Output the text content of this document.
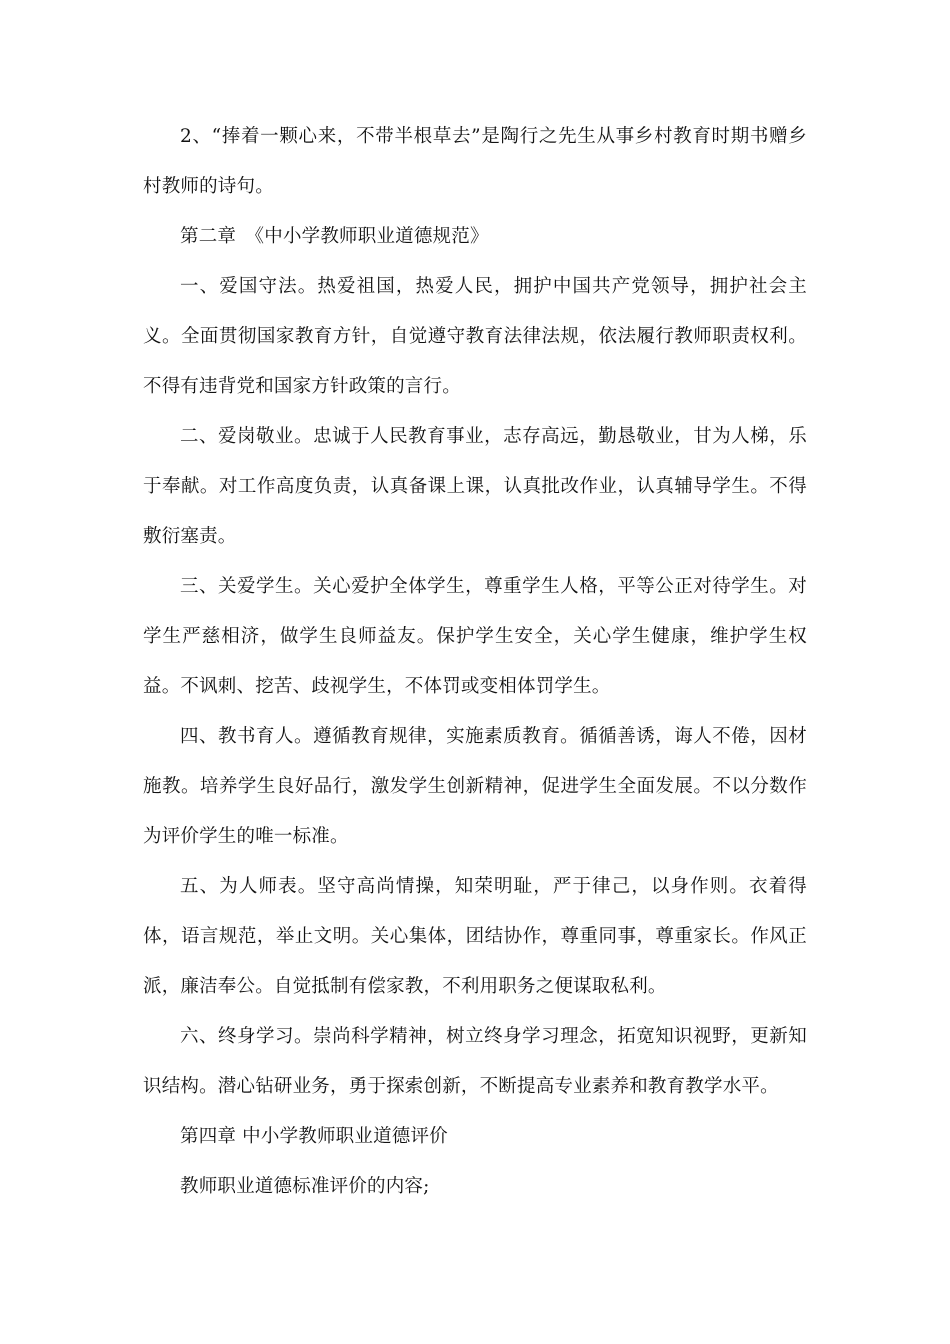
2、“捧着一颗心来，不带半根草去”是陶行之先生从事乡村教育时期书赠乡村教师的诗句。

第二章　《中小学教师职业道德规范》

一、爱国守法。热爱祖国，热爱人民，拥护中国共产党领导，拥护社会主义。全面贯彻国家教育方针，自觉遵守教育法律法规，依法履行教师职责权利。不得有违背党和国家方针政策的言行。

二、爱岗敬业。忠诚于人民教育事业，志存高远，勤恳敬业，甘为人梯，乐于奉献。对工作高度负责，认真备课上课，认真批改作业，认真辅导学生。不得敷衍塞责。

三、关爱学生。关心爱护全体学生，尊重学生人格，平等公正对待学生。对学生严慈相济，做学生良师益友。保护学生安全，关心学生健康，维护学生权益。不讽刺、挖苦、歧视学生，不体罚或变相体罚学生。

四、教书育人。遵循教育规律，实施素质教育。循循善诱，诲人不倦，因材施教。培养学生良好品行，激发学生创新精神，促进学生全面发展。不以分数作为评价学生的唯一标准。

五、为人师表。坚守高尚情操，知荣明耻，严于律己，以身作则。衣着得体，语言规范，举止文明。关心集体，团结协作，尊重同事，尊重家长。作风正派，廉洁奉公。自觉抵制有偿家教，不利用职务之便谋取私利。

六、终身学习。崇尚科学精神，树立终身学习理念，拓宽知识视野，更新知识结构。潜心钻研业务，勇于探索创新，不断提高专业素养和教育教学水平。

第四章 中小学教师职业道德评价

教师职业道德标准评价的内容;
